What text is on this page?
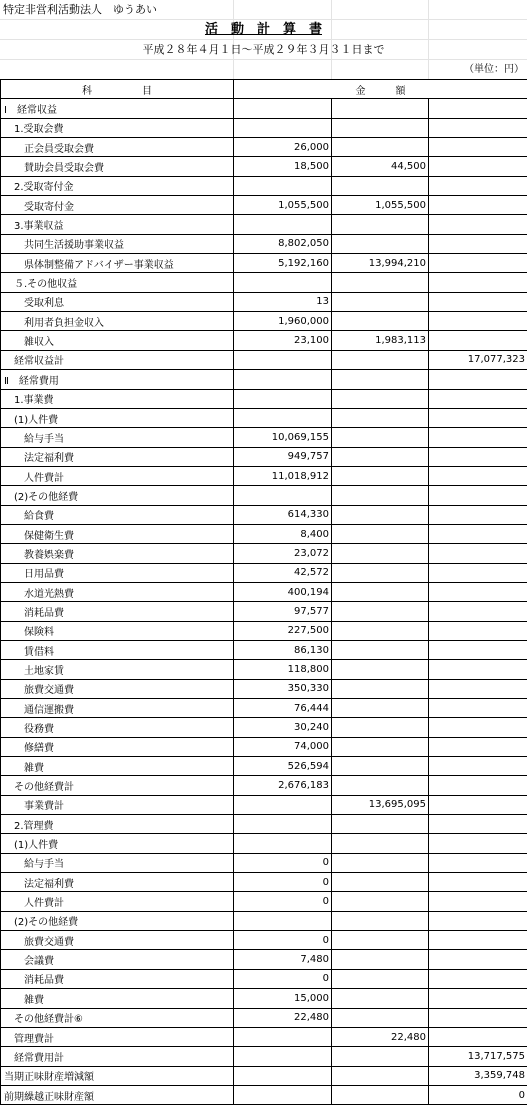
特定非営利活動法人　ゆうあい
活　動　計　算　書
平成２８年４月１日～平成２９年３月３１日まで
（単位：円）
科　　　　　目	金　　　額		
Ⅰ　経常収益			
1.受取会費			
正会員受取会費	26,000		
賛助会員受取会費	18,500	44,500	
2.受取寄付金			
受取寄付金	1,055,500	1,055,500	
3.事業収益			
共同生活援助事業収益	8,802,050		
県体制整備アドバイザー事業収益	5,192,160	13,994,210	
５.その他収益			
受取利息	13		
利用者負担金収入	1,960,000		
雑収入	23,100	1,983,113	
経常収益計			17,077,323
Ⅱ　経常費用			
1.事業費			
(1)人件費			
給与手当	10,069,155		
法定福利費	949,757		
人件費計	11,018,912		
(2)その他経費			
給食費	614,330		
保健衛生費	8,400		
教養娯楽費	23,072		
日用品費	42,572		
水道光熱費	400,194		
消耗品費	97,577		
保険料	227,500		
賃借料	86,130		
土地家賃	118,800		
旅費交通費	350,330		
通信運搬費	76,444		
役務費	30,240		
修繕費	74,000		
雑費	526,594		
その他経費計	2,676,183		
事業費計		13,695,095	
2.管理費			
(1)人件費			
給与手当	0		
法定福利費	0		
人件費計	0		
(2)その他経費			
旅費交通費	0		
会議費	7,480		
消耗品費	0		
雑費	15,000		
その他経費計⑥	22,480		
管理費計		22,480	
経常費用計			13,717,575
当期正味財産増減額			3,359,748
前期繰越正味財産額			0
